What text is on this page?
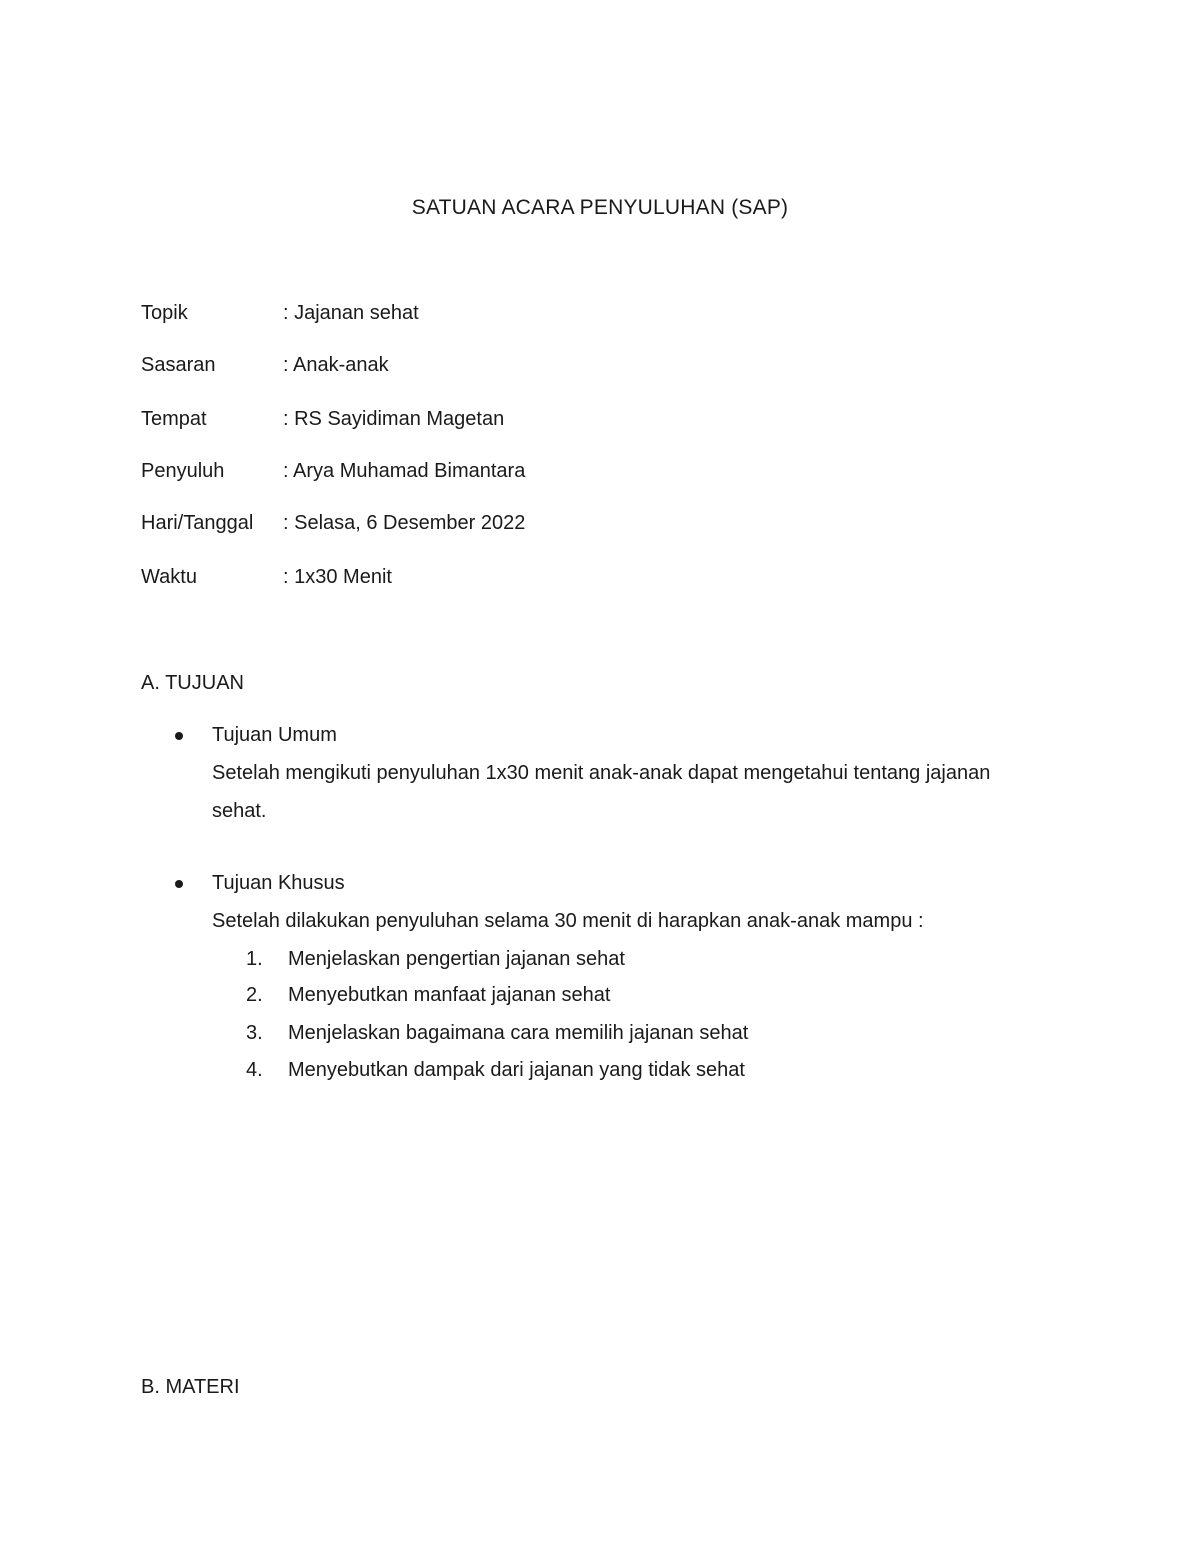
SATUAN ACARA PENYULUHAN (SAP)
Topik	: Jajanan sehat
Sasaran	: Anak-anak
Tempat	: RS Sayidiman Magetan
Penyuluh	: Arya Muhamad Bimantara
Hari/Tanggal : Selasa, 6 Desember 2022
Waktu	: 1x30 Menit
A. TUJUAN
Tujuan Umum
Setelah mengikuti penyuluhan 1x30 menit anak-anak dapat mengetahui tentang jajanan
sehat.
Tujuan Khusus
Setelah dilakukan penyuluhan selama 30 menit di harapkan anak-anak mampu :
1.	Menjelaskan pengertian jajanan sehat
2.	Menyebutkan manfaat jajanan sehat
3.	Menjelaskan bagaimana cara memilih jajanan sehat
4.	Menyebutkan dampak dari jajanan yang tidak sehat
B. MATERI
